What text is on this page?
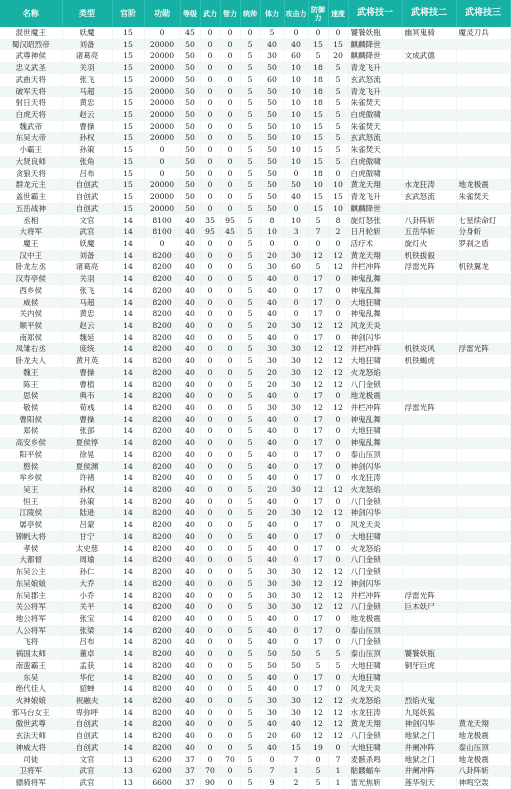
名称	类型	官阶	功勋	等级	武力	智力	统帅	体力	攻击力	防御力	速度	武将技一	武将技二	武将技三
混世魔王	妖魔	15	0	45	0	0	0	5	0	0	0	饕餮妖瓶	幽冥鬼骑	魔灵刀兵
蜀汉昭烈帝	刘备	15	20000	50	0	0	5	40	40	15	15	麒麟降世		
武尊神侯	诸葛亮	15	20000	50	0	0	5	30	60	5	20	麒麟降世	文成武德	
忠义武圣	关羽	15	20000	50	0	0	5	50	10	18	5	青龙飞升		
武曲天将	张飞	15	20000	50	0	0	5	60	10	18	5	玄武怒流		
破军天将	马超	15	20000	50	0	0	5	50	10	18	5	青龙飞升		
射日天将	黄忠	15	20000	50	0	0	5	50	10	18	5	朱雀焚天		
白虎天将	赵云	15	20000	50	0	0	5	50	10	15	5	白虎傲啸		
魏武帝	曹操	15	20000	50	0	0	5	50	10	15	5	朱雀焚天		
东吴大帝	孙权	15	20000	50	0	0	5	50	10	15	5	玄武怒流		
小霸王	孙策	15	0	50	0	0	5	50	10	15	5	朱雀焚天		
大贤良师	张角	15	0	50	0	0	5	50	10	15	5	白虎傲啸		
贪狼天将	吕布	15	0	50	0	0	5	50	0	18	0	白虎傲啸		
群龙元主	自创武	15	20000	50	0	0	5	50	50	10	10	黄龙天翔	水龙狂涛	地龙极震
盖世霸主	自创武	15	20000	50	0	0	5	50	40	15	15	青龙飞升	玄武怒流	朱雀焚天
五岳战神	自创武	15	20000	50	0	0	5	50	0	15	10	麒麟降世		
丞相	文官	14	8100	40	35	95	5	8	10	5	8	旋灯怒张	八卦阵斩	七星续命灯
大将军	武官	14	8100	40	95	45	5	10	3	7	2	日月轮斩	五岳华斩	分身斩
魔王	妖魔	14	0	40	0	0	5	0	0	0	0	活疗术	旋灯火	罗刹之盾
汉中王	刘备	14	8200	40	0	0	5	20	30	12	12	黄龙天翔	机铁拔毅	
卧龙左丞	诸葛亮	14	8200	40	0	0	5	30	60	5	12	井栏冲阵	浮雷光阵	机铁翼龙
汉寿亭侯	关羽	14	8200	40	0	0	5	40	0	17	0	神鬼乱舞		
西乡侯	张飞	14	8200	40	0	0	5	40	0	17	0	神鬼乱舞		
威侯	马超	14	8200	40	0	0	5	40	0	17	0	大地狂啸		
关内侯	黄忠	14	8200	40	0	0	5	40	0	17	0	神鬼乱舞		
顺平侯	赵云	14	8200	40	0	0	5	20	30	12	12	风龙天炎		
南郑侯	魏延	14	8200	40	0	0	5	40	0	17	0	神剑闪华		
凤雏右丞	庞统	14	8200	40	0	0	5	30	30	12	12	井栏冲阵	机铁炎风	浮雷光阵
卧龙夫人	黄月英	14	8200	40	0	0	5	30	30	12	12	大地狂啸	机铁蝎虎	
魏王	曹操	14	8200	40	0	0	5	20	30	12	12	火龙怒焰		
陈王	曹植	14	8200	40	0	0	5	20	30	12	12	八门金锁		
思侯	典韦	14	8200	40	0	0	5	40	0	17	0	地龙极震		
敬侯	荀彧	14	8200	40	0	0	5	30	30	12	12	井栏冲阵	浮雷光阵	
曹阳侯	曹操	14	8200	40	0	0	5	40	0	17	0	神鬼乱舞		
郑侯	张郃	14	8200	40	0	0	5	40	0	17	0	大地狂啸		
高安乡侯	夏侯惇	14	8200	40	0	0	5	40	0	17	0	神鬼乱舞		
阳平侯	徐晃	14	8200	40	0	0	5	40	0	17	0	泰山压顶		
愍侯	夏侯渊	14	8200	40	0	0	5	40	0	17	0	神剑闪华		
牟乡侯	许褚	14	8200	40	0	0	5	40	0	17	0	水龙狂涛		
吴王	孙权	14	8200	40	0	0	5	20	30	12	12	火龙怒焰		
恒王	孙策	14	8200	40	0	0	5	40	0	17	0	八门金锁		
江陵侯	陆逊	14	8200	40	0	0	5	20	30	12	12	神剑闪华		
孱亭侯	吕蒙	14	8200	40	0	0	5	40	0	17	0	风龙天炎		
锦帆大将	甘宁	14	8200	40	0	0	5	40	0	17	0	大地狂啸		
孝侯	太史慈	14	8200	40	0	0	5	40	0	17	0	火龙怒焰		
大都督	周瑜	14	8200	40	0	0	5	40	0	17	0	八门金锁		
东吴公主	孙仁	14	8200	40	0	0	5	30	30	12	12	八门金锁		
东吴娘娘	大乔	14	8200	40	0	0	5	30	30	12	12	神剑闪华		
东吴郡主	小乔	14	8200	40	0	0	5	30	30	12	12	井栏冲阵	浮雷光阵	
关公将军	关平	14	8200	40	0	0	5	30	30	12	12	八门金锁	巨木妖尸	
地公将军	张宝	14	8200	40	0	0	5	40	0	17	0	地龙极震		
人公将军	张梁	14	8200	40	0	0	5	40	0	17	0	泰山压顶		
飞将	吕布	14	8200	40	0	0	5	40	0	17	0	八门金锁		
祸国太师	董卓	14	8200	40	0	0	5	50	50	5	5	泰山压顶	饕餮妖瓶	
南蛮霸王	孟获	14	8200	40	0	0	5	50	50	5	5	大地狂啸	铜牙巨虎	
东吴	华佗	14	8200	40	0	0	5	40	0	17	0	大地狂啸		
绝代佳人	貂蝉	14	8200	40	0	0	5	40	0	17	0	风龙天炎		
火神娘娘	祝融夫	14	8200	40	0	0	5	30	30	12	12	火龙怒焰	烈焰火鬼	
邪马台女王	卑弥呼	14	8200	40	0	0	5	30	30	12	12	水龙狂涛	九尾妖狐	
傲世武尊	自创武	14	8200	40	0	0	5	40	40	12	12	黄龙天翔	神剑闪华	黄龙天翔
玄法天师	自创武	14	8200	40	0	0	5	20	60	12	12	八门金锁	地狱之门	地龙极震
神威大将	自创武	14	8200	40	0	0	5	40	15	19	0	大地狂啸	井阑冲阵	泰山压顶
司徒	文官	13	6200	37	0	70	5	0	7	0	7	麦骸杀鸣	地狱之门	地龙极震
卫将军	武官	13	6200	37	70	0	5	7	1	5	1	骷髅蝠车	井阑冲阵	八卦阵斩
骠骑将军	武官	13	6600	37	90	0	5	9	2	5	1	雷光焦斩	莲华刻天	神鸣空轰
